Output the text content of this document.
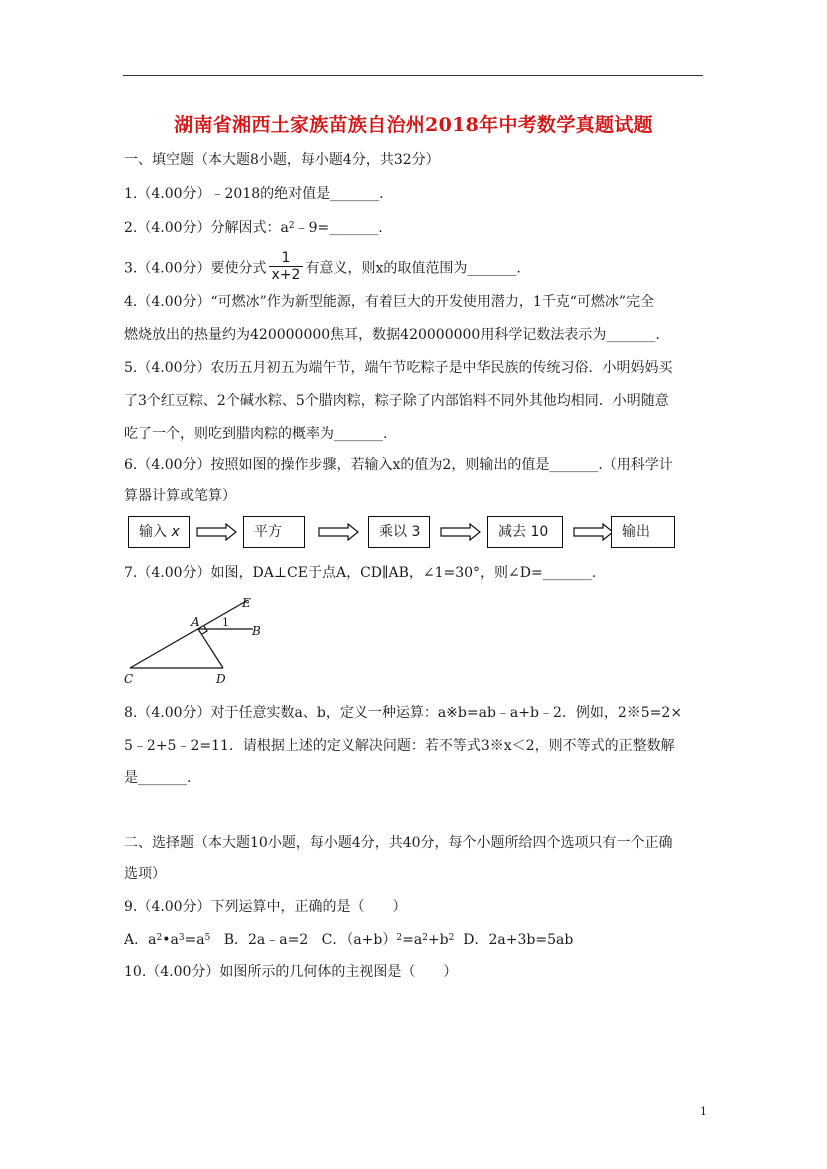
湖南省湘西土家族苗族自治州2018年中考数学真题试题
一、填空题（本大题8小题，每小题4分，共32分）
1.（4.00分）﹣2018的绝对值是_______.
2.（4.00分）分解因式：$a^2﹣9=\_\_\_\_\_\_\_$.
3.（4.00分）要使分式 $\frac{1}{x+2}$ 有意义，则x的取值范围为_______.
4.（4.00分）“可燃冰”作为新型能源，有着巨大的开发使用潜力，1千克“可燃冰”完全
燃烧放出的热量约为420000000焦耳，数据420000000用科学记数法表示为_______.
5.（4.00分）农历五月初五为端午节，端午节吃粽子是中华民族的传统习俗．小明妈妈买
了3个红豆粽、2个碱水粽、5个腊肉粽，粽子除了内部馅料不同外其他均相同．小明随意
吃了一个，则吃到腊肉粽的概率为_______.
6.（4.00分）按照如图的操作步骤，若输入x的值为2，则输出的值是_______.（用科学计
算器计算或笔算）
输入 x	平方	乘以 3	减去 10	输出
7.（4.00分）如图，DA⊥CE于点A，CD∥AB，∠1=30°，则∠D=_______.
A
B
C	D
E
1
8.（4.00分）对于任意实数a、b，定义一种运算：a※b=ab﹣a+b﹣2．例如，2※5=2×
5﹣2+5﹣2=11．请根据上述的定义解决问题：若不等式3※x＜2，则不等式的正整数解
是_______.
二、选择题（本大题10小题，每小题4分，共40分，每个小题所给四个选项只有一个正确
选项）
9.（4.00分）下列运算中，正确的是（　　）
A．$a^2•a^3=a^5$ B．2a﹣a=2 C．$(a+b)^2=a^2+b^2$ D．2a+3b=5ab
10.（4.00分）如图所示的几何体的主视图是（　　）
1
